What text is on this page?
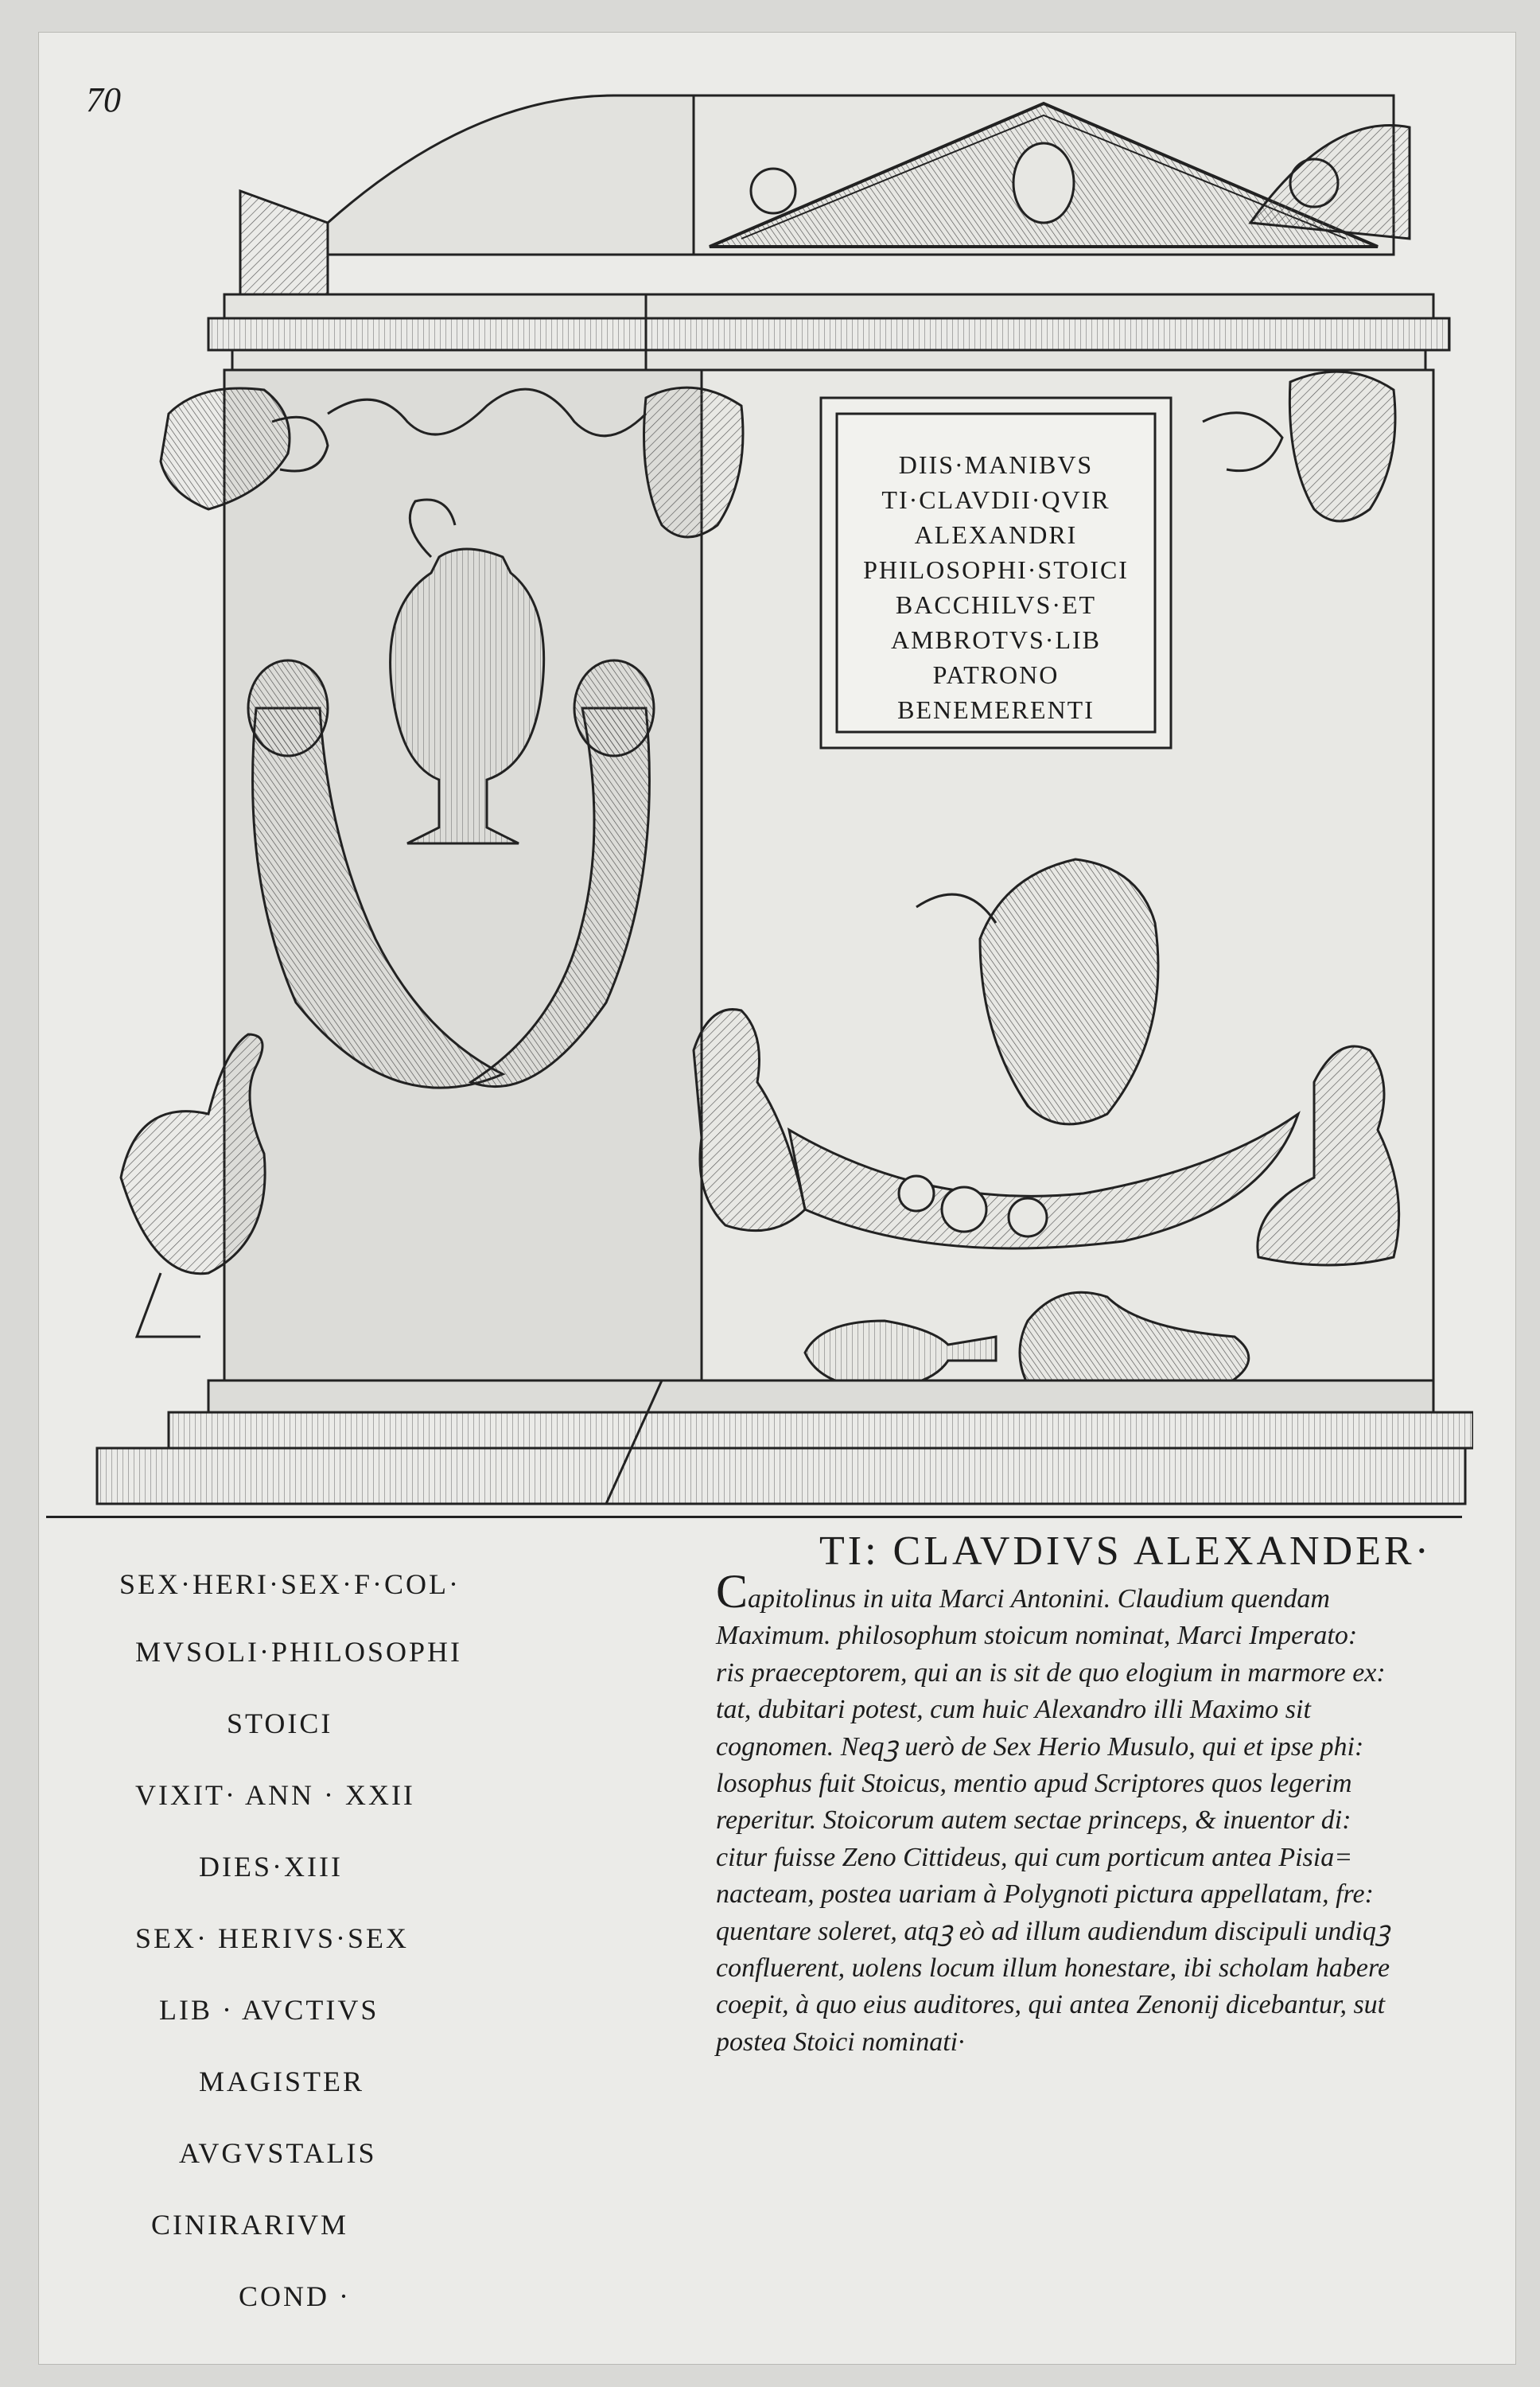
70
DIIS·MANIBVS
TI·CLAVDII·QVIR
ALEXANDRI
PHILOSOPHI·STOICI
BACCHILVS·ET
AMBROTVS·LIB
PATRONO
BENEMERENTI
SEX·HERI·SEX·F·COL·
MVSOLI·PHILOSOPHI
STOICI
VIXIT· ANN · XXII
DIES·XIII
SEX· HERIVS·SEX
LIB · AVCTIVS
MAGISTER
AVGVSTALIS
CINIRARIVM
COND ·
TI: CLAVDIVS ALEXANDER·
Capitolinus in uita Marci Antonini. Claudium quendam
Maximum. philosophum stoicum nominat, Marci Imperato:
ris praeceptorem, qui an is sit de quo elogium in marmore ex:
tat, dubitari potest, cum huic Alexandro illi Maximo sit
cognomen. Neqꝫ uerò de Sex Herio Musulo, qui et ipse phi:
losophus fuit Stoicus, mentio apud Scriptores quos legerim
reperitur. Stoicorum autem sectae princeps, & inuentor di:
citur fuisse Zeno Cittideus, qui cum porticum antea Pisia=
nacteam, postea uariam à Polygnoti pictura appellatam, fre:
quentare soleret, atqꝫ eò ad illum audiendum discipuli undiqꝫ
confluerent, uolens locum illum honestare, ibi scholam habere
coepit, à quo eius auditores, qui antea Zenonij dicebantur, sut
postea Stoici nominati·
